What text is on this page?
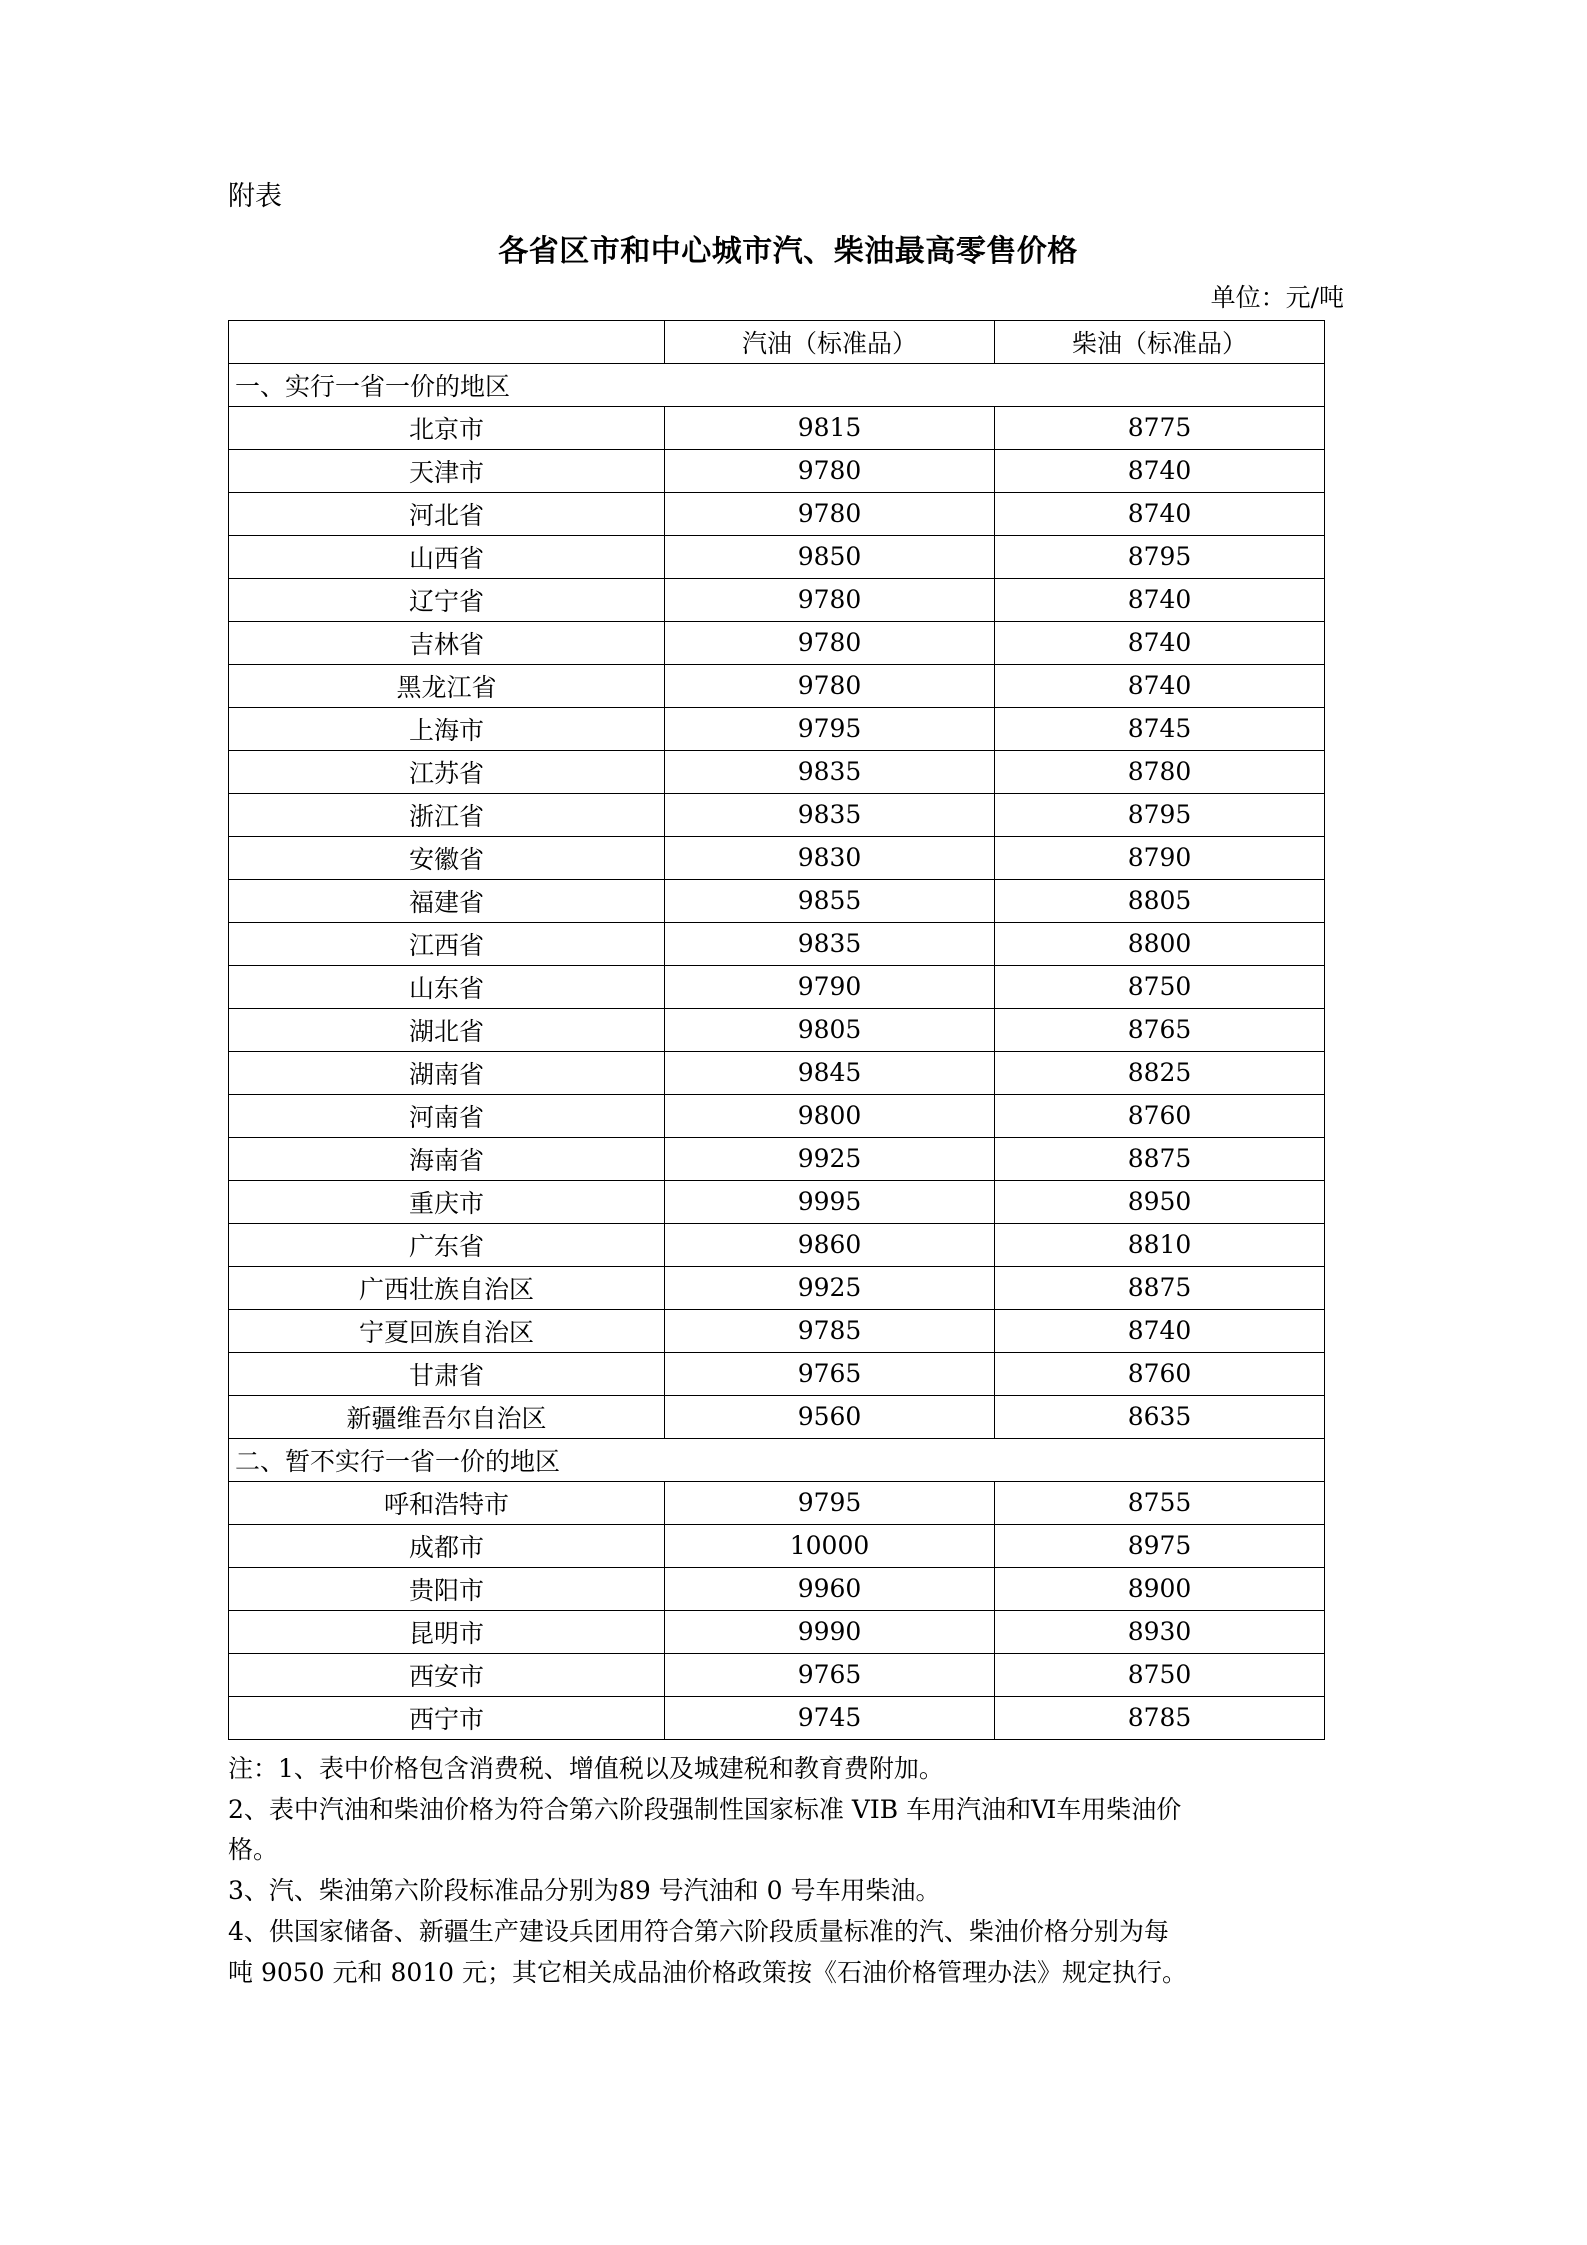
附表
各省区市和中心城市汽、柴油最高零售价格
单位：元/吨
	汽油（标准品）	柴油（标准品）
一、实行一省一价的地区		
北京市	9815	8775
天津市	9780	8740
河北省	9780	8740
山西省	9850	8795
辽宁省	9780	8740
吉林省	9780	8740
黑龙江省	9780	8740
上海市	9795	8745
江苏省	9835	8780
浙江省	9835	8795
安徽省	9830	8790
福建省	9855	8805
江西省	9835	8800
山东省	9790	8750
湖北省	9805	8765
湖南省	9845	8825
河南省	9800	8760
海南省	9925	8875
重庆市	9995	8950
广东省	9860	8810
广西壮族自治区	9925	8875
宁夏回族自治区	9785	8740
甘肃省	9765	8760
新疆维吾尔自治区	9560	8635
二、暂不实行一省一价的地区		
呼和浩特市	9795	8755
成都市	10000	8975
贵阳市	9960	8900
昆明市	9990	8930
西安市	9765	8750
西宁市	9745	8785

注：1、表中价格包含消费税、增值税以及城建税和教育费附加。

2、表中汽油和柴油价格为符合第六阶段强制性国家标准 VIB 车用汽油和Ⅵ车用柴油价

格。

3、汽、柴油第六阶段标准品分别为89 号汽油和 0 号车用柴油。

4、供国家储备、新疆生产建设兵团用符合第六阶段质量标准的汽、柴油价格分别为每

吨 9050 元和 8010 元；其它相关成品油价格政策按《石油价格管理办法》规定执行。
